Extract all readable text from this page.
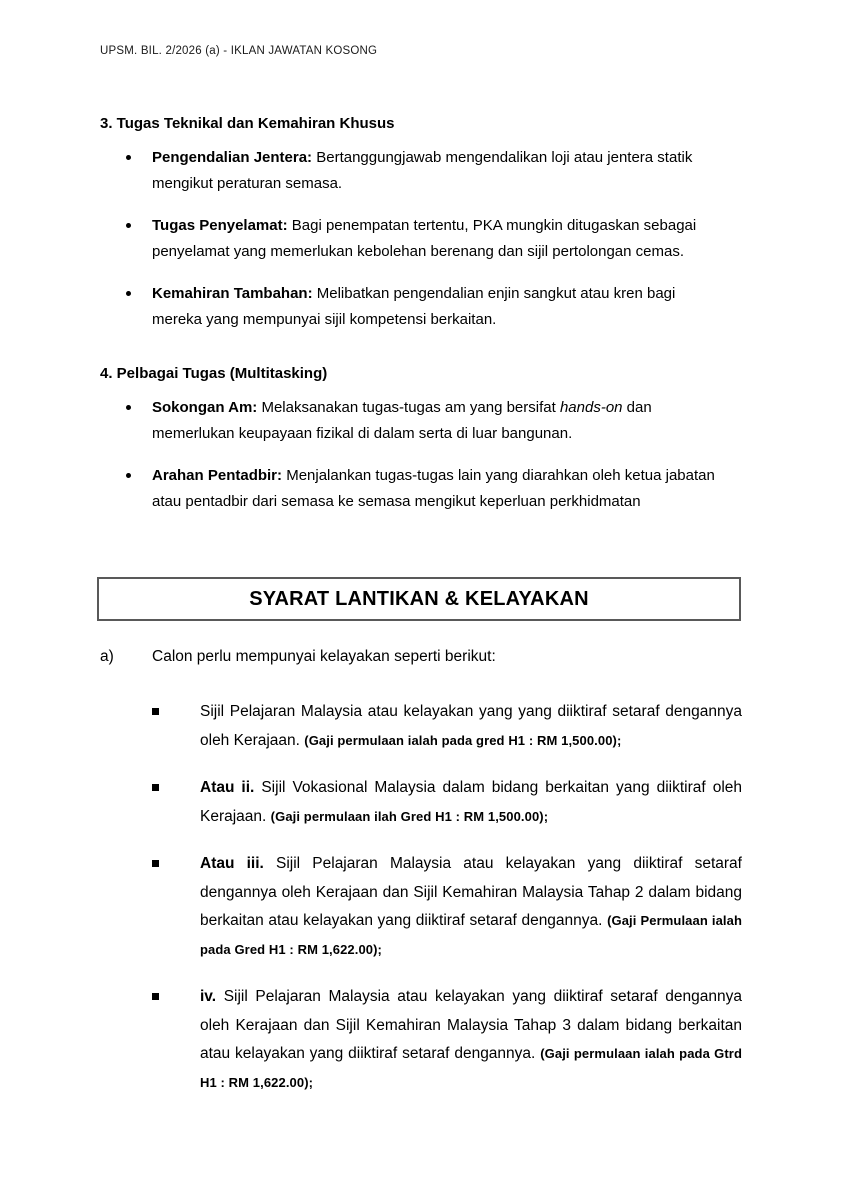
UPSM. BIL. 2/2026 (a) - IKLAN JAWATAN KOSONG
3. Tugas Teknikal dan Kemahiran Khusus
Pengendalian Jentera: Bertanggungjawab mengendalikan loji atau jentera statik mengikut peraturan semasa.
Tugas Penyelamat: Bagi penempatan tertentu, PKA mungkin ditugaskan sebagai penyelamat yang memerlukan kebolehan berenang dan sijil pertolongan cemas.
Kemahiran Tambahan: Melibatkan pengendalian enjin sangkut atau kren bagi mereka yang mempunyai sijil kompetensi berkaitan.
4. Pelbagai Tugas (Multitasking)
Sokongan Am: Melaksanakan tugas-tugas am yang bersifat hands-on dan memerlukan keupayaan fizikal di dalam serta di luar bangunan.
Arahan Pentadbir: Menjalankan tugas-tugas lain yang diarahkan oleh ketua jabatan atau pentadbir dari semasa ke semasa mengikut keperluan perkhidmatan
SYARAT LANTIKAN & KELAYAKAN
a)	Calon perlu mempunyai kelayakan seperti berikut:
Sijil Pelajaran Malaysia atau kelayakan yang yang diiktiraf setaraf dengannya oleh Kerajaan. (Gaji permulaan ialah pada gred H1 : RM 1,500.00);
Atau ii. Sijil Vokasional Malaysia dalam bidang berkaitan yang diiktiraf oleh Kerajaan. (Gaji permulaan ilah Gred H1 : RM 1,500.00);
Atau iii. Sijil Pelajaran Malaysia atau kelayakan yang diiktiraf setaraf dengannya oleh Kerajaan dan Sijil Kemahiran Malaysia Tahap 2 dalam bidang berkaitan atau kelayakan yang diiktiraf setaraf dengannya. (Gaji Permulaan ialah pada Gred H1 : RM 1,622.00);
iv. Sijil Pelajaran Malaysia atau kelayakan yang diiktiraf setaraf dengannya oleh Kerajaan dan Sijil Kemahiran Malaysia Tahap 3 dalam bidang berkaitan atau kelayakan yang diiktiraf setaraf dengannya. (Gaji permulaan ialah pada Gtrd H1 : RM 1,622.00);
